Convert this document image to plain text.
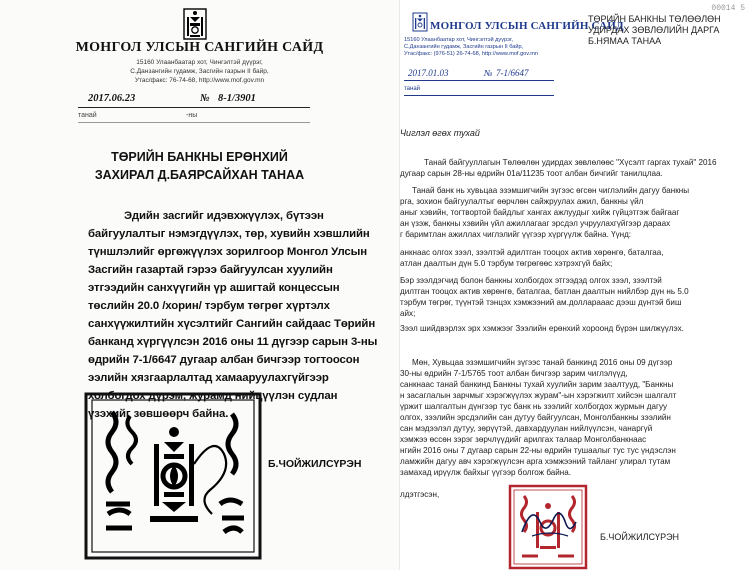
МОНГОЛ УЛСЫН САНГИЙН САЙД
15160 Улаанбаатар хот, Чингэлтэй дүүрэг,
С.Данзангийн гудамж, Засгийн газрын II байр,
Утас/факс: 76-74-68, http://www.mof.gov.mn
2017.06.23	№ 8-1/3901
танай	-ны
ТӨРИЙН БАНКНЫ ЕРӨНХИЙ
ЗАХИРАЛ Д.БАЯРСАЙХАН ТАНАА
Эдийн засгийг идэвхжүүлэх, бүтээн
байгуулалтыг нэмэгдүүлэх, төр, хувийн хэвшлийн
түншлэлийг өргөжүүлэх зорилгоор Монгол Улсын
Засгийн газартай гэрээ байгуулсан хуулийн
этгээдийн санхүүгийн үр ашигтай концессын
төслийн 20.0 /хорин/ тэрбум төгрөг хүртэлх
санхүүжилтийн хүсэлтийг Сангийн сайдаас Төрийн
банканд хүргүүлсэн 2016 оны 11 дүгээр сарын 3-ны
өдрийн 7-1/6647 дугаар албан бичгээр тогтоосон
ээлийн хязгаарлалтад хамааруулахгүйгээр
холбогдох дүрэм, журамд нийцүүлэн судлан
үзэхийг зөвшөөрч байна.
Б.ЧОЙЖИЛСҮРЭН
МОНГОЛ УЛСЫН САНГИЙН САЙД
00014 5
15160 Улаанбаатар хот, Чингэлтэй дүүрэг,
С.Данзангийн гудамж, Засгийн газрын II байр,
Утас/факс: (976-51) 26-74-68, http://www.mof.gov.mn
2017.01.03	№ 7-1/6647
танай
ТӨРИЙН БАНКНЫ ТӨЛӨӨЛӨН
УДИРДАХ ЗӨВЛӨЛИЙН ДАРГА
Б.НЯМАА ТАНАА
Чиглэл өгөх тухай
Танай байгууллагын Төлөөлөн удирдах зөвлөлөөс "Хүсэлт гаргах тухай" 2016
дугаар сарын 28-ны өдрийн 01а/11235 тоот албан бичгийг танилцлаа.
Танай банк нь хувьцаа эзэмшигчийн зүгээс өгсөн чиглэлийн дагуу банкны
рга, зохион байгуулалтыг өөрчлөн сайжруулах ажил, банкны үйл
аныг хэвийн, тогтвортой байдлыг хангах ажлуудыг хийж гүйцэтгэж байгааг
ан үзэж, банкны хэвийн үйл ажиллагааг эрсдэл учруулахгүйгээр дараах
г баримтлан ажиллах чиглэлийг үүгээр хүргүүлж байна. Үүнд:
анкнаас олгох зээл, зээлтэй адилтган тооцох актив хөрөнгө, баталгаа,
атлан даалтын дүн 5.0 тэрбум төгрөгөөс хэтрэхгүй байх;
Бэр зээлдэгчид болон банкны холбогдох этгээдэд олгох зээл, зээлтэй
дилтган тооцох актив хөрөнгө, баталгаа, батлан даалтын нийлбэр дүн нь 5.0
тэрбум төгрөг, түүнтэй тэнцэх хэмжээний ам.долларааас дээш дүнтэй биш
айх;
Зээл шийдвэрлэх эрх хэмжээг Зээлийн ерөнхий хороонд бүрэн шилжүүлэх.
Мөн, Хувьцаа эзэмшигчийн зүгээс танай банкинд 2016 оны 09 дүгээр
30-ны өдрийн 7-1/5765 тоот албан бичгээр зарим чиглэлүүд,
санкнаас танай банкинд Банкны тухай хуулийн зарим заалтууд, "Банкны
н засаглалын зарчмыг хэрэгжүүлэх журам"-ын хэрэгжилт хийсэн шалгалт
үржит шалгалтын дүнгээр тус банк нь зээлийг холбогдох журмын дагуу
олгох, зээлийн эрсдэлийн сан дутуу байгуулсан, Монголбанкны зээлийн
сан мэдээлэл дутуу, зөрүүтэй, давхардуулан нийлүүлсэн, чанаргүй
хэмжээ өссөн зэрэг зөрчлүүдийг арилгах талаар Монголбанкнаас
нгийн 2016 оны 7 дугаар сарын 22-ны өдрийн тушаалыг тус тус үндэслэн
ламжийн дагуу авч хэрэгжүүлсэн арга хэмжээний тайланг улирал тутам
замахад ирүүлж байхыг үүгээр болгож байна.
лдэтгэсэн,
Б.ЧОЙЖИЛСҮРЭН
